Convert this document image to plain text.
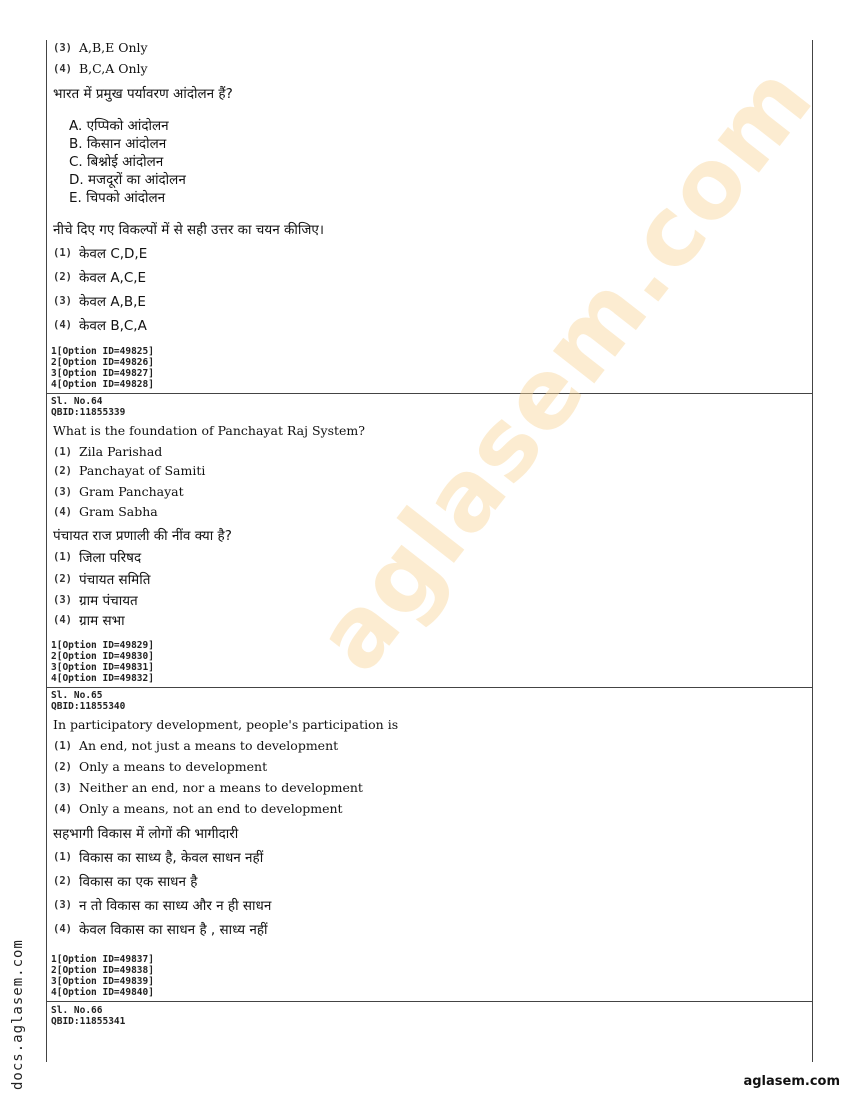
(3) A,B,E Only
(4) B,C,A Only
भारत में प्रमुख पर्यावरण आंदोलन हैं?
A. एप्पिको आंदोलन
B. किसान आंदोलन
C. बिश्नोई आंदोलन
D. मजदूरों का आंदोलन
E. चिपको आंदोलन
नीचे दिए गए विकल्पों में से सही उत्तर का चयन कीजिए।
(1) केवल C,D,E
(2) केवल A,C,E
(3) केवल A,B,E
(4) केवल B,C,A
1[Option ID=49825]
2[Option ID=49826]
3[Option ID=49827]
4[Option ID=49828]
Sl. No.64
QBID:11855339
What is the foundation of Panchayat Raj System?
(1) Zila Parishad
(2) Panchayat of Samiti
(3) Gram Panchayat
(4) Gram Sabha
पंचायत राज प्रणाली की नींव क्या है?
(1) जिला परिषद
(2) पंचायत समिति
(3) ग्राम पंचायत
(4) ग्राम सभा
1[Option ID=49829]
2[Option ID=49830]
3[Option ID=49831]
4[Option ID=49832]
Sl. No.65
QBID:11855340
In participatory development, people's participation is
(1) An end, not just a means to development
(2) Only a means to development
(3) Neither an end, nor a means to development
(4) Only a means, not an end to development
सहभागी विकास में लोगों की भागीदारी
(1) विकास का साध्य है, केवल साधन नहीं
(2) विकास का एक साधन है
(3) न तो विकास का साध्य और न ही साधन
(4) केवल विकास का साधन है , साध्य नहीं
1[Option ID=49837]
2[Option ID=49838]
3[Option ID=49839]
4[Option ID=49840]
Sl. No.66
QBID:11855341
aglasem.com
docs.aglasem.com	aglasem.com
